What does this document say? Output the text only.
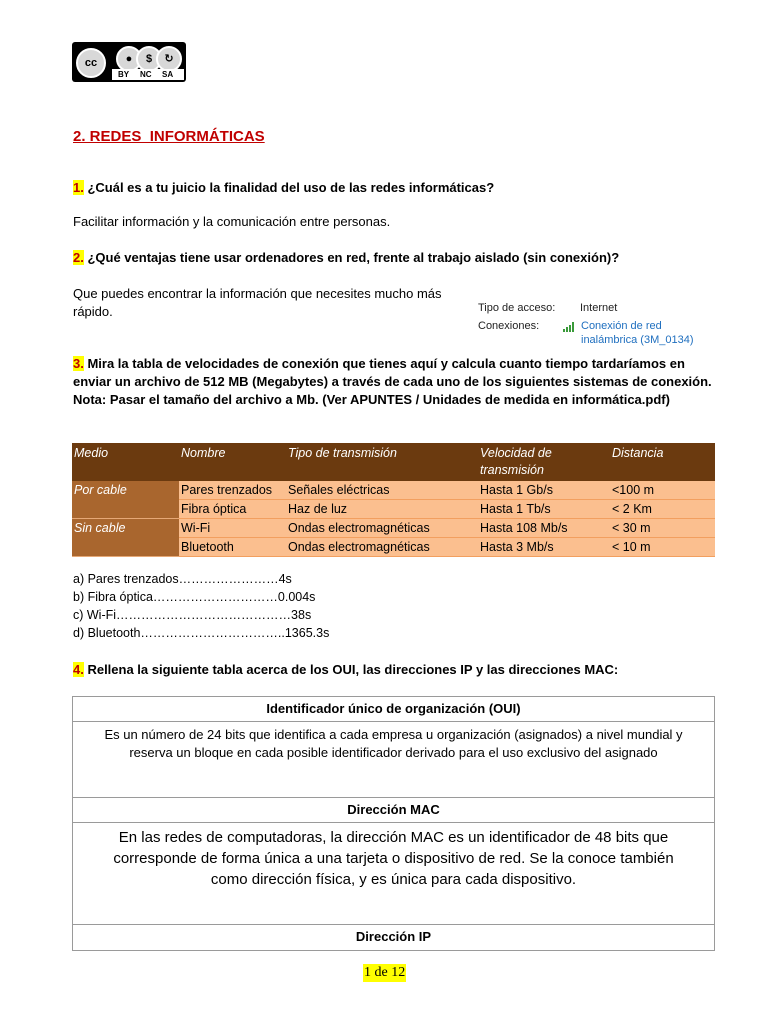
cc	●	$	↻
BY NC SA
2. REDES  INFORMÁTICAS
1. ¿Cuál es a tu juicio la finalidad del uso de las redes informáticas?
Facilitar información y la comunicación entre personas.
2. ¿Qué ventajas tiene usar ordenadores en red, frente al trabajo aislado (sin conexión)?
Que puedes encontrar la información que necesites mucho más rápido.	Tipo de acceso: Internet
Conexiones:	Conexión de red
inalámbrica (3M_0134)
3. Mira la tabla de velocidades de conexión que tienes aquí y calcula cuanto tiempo tardaríamos en enviar un archivo de 512 MB (Megabytes) a través de cada uno de los siguientes sistemas de conexión. Nota: Pasar el tamaño del archivo a Mb. (Ver APUNTES / Unidades de medida en informática.pdf)
Medio	Nombre	Tipo de transmisión	Velocidad de transmisión	Distancia
Por cable	Pares trenzados	Señales eléctricas	Hasta 1 Gb/s	<100 m
	Fibra óptica	Haz de luz	Hasta 1 Tb/s	< 2 Km
Sin cable	Wi-Fi	Ondas electromagnéticas	Hasta 108 Mb/s	< 30 m
	Bluetooth	Ondas electromagnéticas	Hasta 3 Mb/s	< 10 m
a) Pares trenzados……………………4s
b) Fibra óptica…………………………0.004s
c) Wi-Fi……………………………………38s
d) Bluetooth……………………………..1365.3s
4. Rellena la siguiente tabla acerca de los OUI, las direcciones IP y las direcciones MAC:
Identificador único de organización (OUI)
Es un número de 24 bits que identifica a cada empresa u organización (asignados) a nivel mundial y reserva un bloque en cada posible identificador derivado para el uso exclusivo del asignado
Dirección MAC
En las redes de computadoras, la dirección MAC es un identificador de 48 bits que corresponde de forma única a una tarjeta o dispositivo de red. Se la conoce también como dirección física, y es única para cada dispositivo.
Dirección IP
1 de 12
